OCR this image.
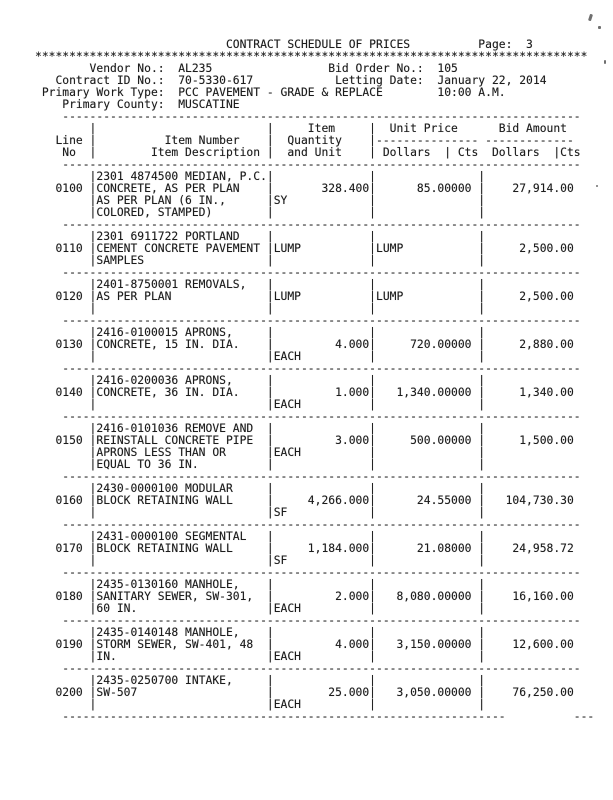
CONTRACT SCHEDULE OF PRICES          Page:  3
*********************************************************************************
Vendor No.:  AL235                 Bid Order No.:  105
Contract ID No.:  70-5330-617            Letting Date:  January 22, 2014
Primary Work Type:  PCC PAVEMENT - GRADE & REPLACE        10:00 A.M.
Primary County:  MUSCATINE
----------------------------------------------------------------------------
|                         |     Item     |  Unit Price      Bid Amount
Line |          Item Number    |  Quantity    |--------------- -------------
No  |        Item Description |  and Unit    | Dollars  | Cts  Dollars  |Cts
----------------------------------------------------------------------------
|2301 4874500 MEDIAN, P.C.|              |               |
0100 |CONCRETE, AS PER PLAN    |       328.400|      85.00000 |    27,914.00
|AS PER PLAN (6 IN.,      |SY            |               |
|COLORED, STAMPED)        |              |               |
----------------------------------------------------------------------------
|2301 6911722 PORTLAND    |              |               |
0110 |CEMENT CONCRETE PAVEMENT |LUMP          |LUMP           |     2,500.00
|SAMPLES                  |              |               |
----------------------------------------------------------------------------
|2401-8750001 REMOVALS,   |              |               |
0120 |AS PER PLAN              |LUMP          |LUMP           |     2,500.00
|                         |              |               |
----------------------------------------------------------------------------
|2416-0100015 APRONS,     |              |               |
0130 |CONCRETE, 15 IN. DIA.    |         4.000|     720.00000 |     2,880.00
|                         |EACH          |               |
----------------------------------------------------------------------------
|2416-0200036 APRONS,     |              |               |
0140 |CONCRETE, 36 IN. DIA.    |         1.000|   1,340.00000 |     1,340.00
|                         |EACH          |               |
----------------------------------------------------------------------------
|2416-0101036 REMOVE AND  |              |               |
0150 |REINSTALL CONCRETE PIPE  |         3.000|     500.00000 |     1,500.00
|APRONS LESS THAN OR      |EACH          |               |
|EQUAL TO 36 IN.          |              |               |
----------------------------------------------------------------------------
|2430-0000100 MODULAR     |              |               |
0160 |BLOCK RETAINING WALL     |     4,266.000|      24.55000 |   104,730.30
|                         |SF            |               |
----------------------------------------------------------------------------
|2431-0000100 SEGMENTAL   |              |               |
0170 |BLOCK RETAINING WALL     |     1,184.000|      21.08000 |    24,958.72
|                         |SF            |               |
----------------------------------------------------------------------------
|2435-0130160 MANHOLE,    |              |               |
0180 |SANITARY SEWER, SW-301,  |         2.000|   8,080.00000 |    16,160.00
|60 IN.                   |EACH          |               |
----------------------------------------------------------------------------
|2435-0140148 MANHOLE,    |              |               |
0190 |STORM SEWER, SW-401, 48  |         4.000|   3,150.00000 |    12,600.00
|IN.                      |EACH          |               |
----------------------------------------------------------------------------
|2435-0250700 INTAKE,     |              |               |
0200 |SW-507                   |        25.000|   3,050.00000 |    76,250.00
|                         |EACH          |               |
-----------------------------------------------------------------          ---
